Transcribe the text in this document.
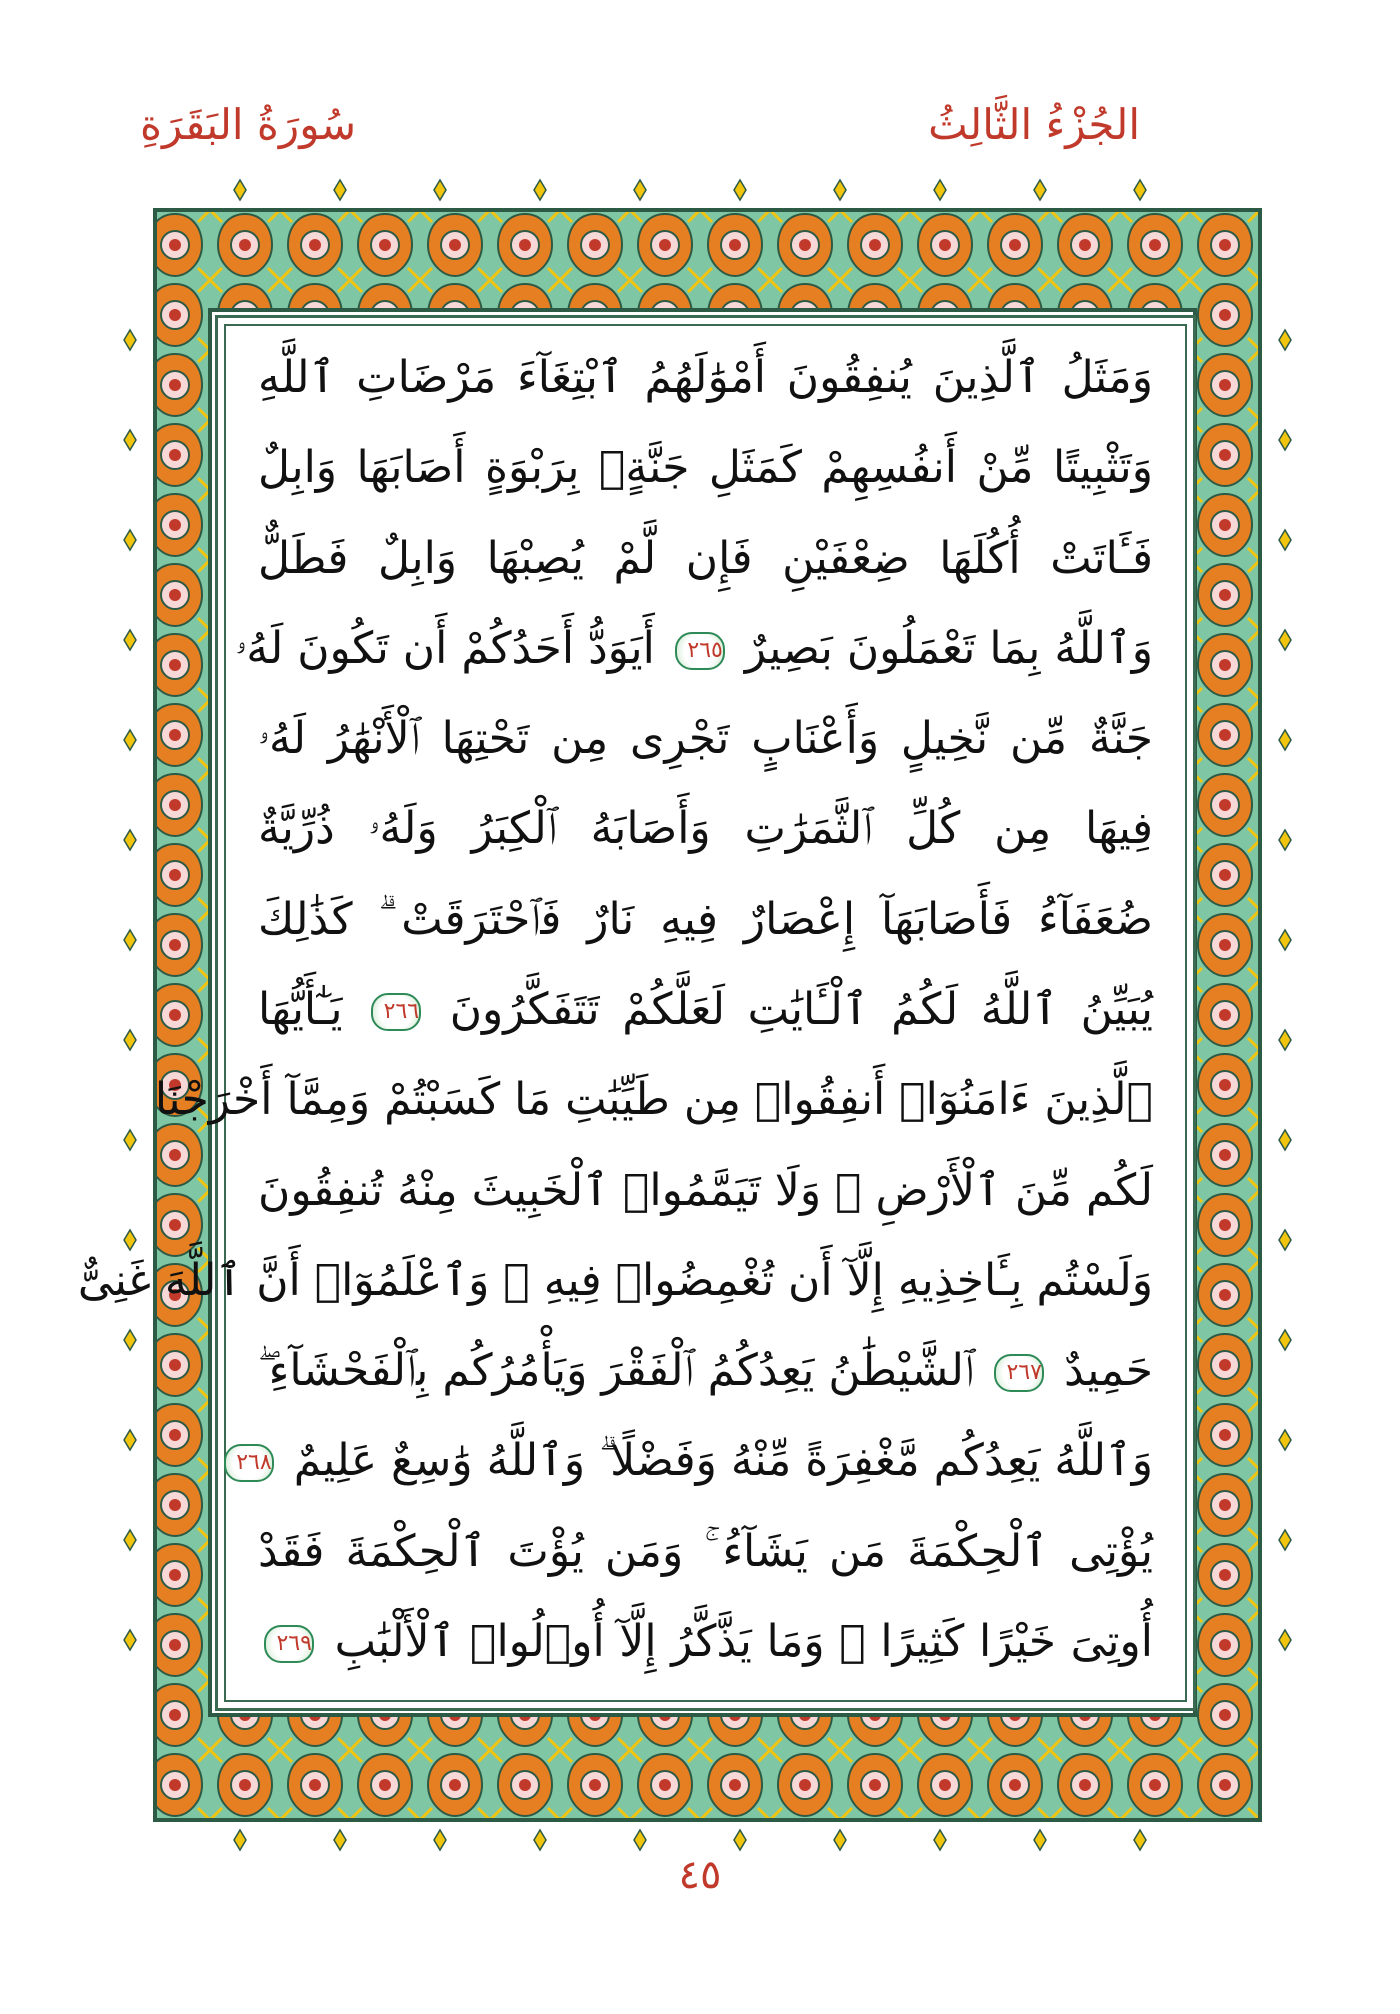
الجُزْءُ الثَّالِثُ
سُورَةُ البَقَرَةِ
وَمَثَلُ ٱلَّذِينَ يُنفِقُونَ أَمْوَٰلَهُمُ ٱبْتِغَآءَ مَرْضَاتِ ٱللَّهِ
وَتَثْبِيتًا مِّنْ أَنفُسِهِمْ كَمَثَلِ جَنَّةٍۭ بِرَبْوَةٍ أَصَابَهَا وَابِلٌ
فَـَٔاتَتْ أُكُلَهَا ضِعْفَيْنِ فَإِن لَّمْ يُصِبْهَا وَابِلٌ فَطَلٌّ
وَٱللَّهُ بِمَا تَعْمَلُونَ بَصِيرٌ ٢٦٥ أَيَوَدُّ أَحَدُكُمْ أَن تَكُونَ لَهُۥ
جَنَّةٌ مِّن نَّخِيلٍ وَأَعْنَابٍ تَجْرِى مِن تَحْتِهَا ٱلْأَنْهَٰرُ لَهُۥ
فِيهَا مِن كُلِّ ٱلثَّمَرَٰتِ وَأَصَابَهُ ٱلْكِبَرُ وَلَهُۥ ذُرِّيَّةٌ
ضُعَفَآءُ فَأَصَابَهَآ إِعْصَارٌ فِيهِ نَارٌ فَٱحْتَرَقَتْ ۗ كَذَٰلِكَ
يُبَيِّنُ ٱللَّهُ لَكُمُ ٱلْـَٔايَٰتِ لَعَلَّكُمْ تَتَفَكَّرُونَ ٢٦٦ يَـٰٓأَيُّهَا
ٱلَّذِينَ ءَامَنُوٓا۟ أَنفِقُوا۟ مِن طَيِّبَٰتِ مَا كَسَبْتُمْ وَمِمَّآ أَخْرَجْنَا
لَكُم مِّنَ ٱلْأَرْضِ ۖ وَلَا تَيَمَّمُوا۟ ٱلْخَبِيثَ مِنْهُ تُنفِقُونَ
وَلَسْتُم بِـَٔاخِذِيهِ إِلَّآ أَن تُغْمِضُوا۟ فِيهِ ۚ وَٱعْلَمُوٓا۟ أَنَّ ٱللَّهَ غَنِىٌّ
حَمِيدٌ ٢٦٧ ٱلشَّيْطَٰنُ يَعِدُكُمُ ٱلْفَقْرَ وَيَأْمُرُكُم بِٱلْفَحْشَآءِ ۖ
وَٱللَّهُ يَعِدُكُم مَّغْفِرَةً مِّنْهُ وَفَضْلًا ۗ وَٱللَّهُ وَٰسِعٌ عَلِيمٌ ٢٦٨
يُؤْتِى ٱلْحِكْمَةَ مَن يَشَآءُ ۚ وَمَن يُؤْتَ ٱلْحِكْمَةَ فَقَدْ
أُوتِىَ خَيْرًا كَثِيرًا ۗ وَمَا يَذَّكَّرُ إِلَّآ أُو۟لُوا۟ ٱلْأَلْبَٰبِ ٢٦٩
٤٥
